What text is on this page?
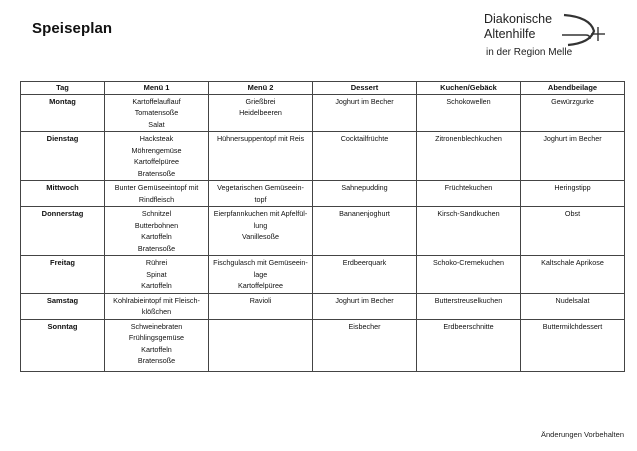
Speiseplan
Diakonische
Altenhilfe
in der Region Melle
Tag	Menü 1	Menü 2	Dessert	Kuchen/Gebäck	Abendbeilage
Montag	Kartoffelauflauf
Tomatensoße
Salat	Grießbrei
Heidelbeeren	Joghurt im Becher	Schokowellen	Gewürzgurke

Dienstag	Hacksteak
Möhrengemüse
Kartoffelpüree
Bratensoße	Hühnersuppentopf mit Reis	Cocktailfrüchte	Zitronenblechkuchen	Joghurt im Becher

Mittwoch	Bunter Gemüseeintopf mit
Rindfleisch	Vegetarischen Gemüseein-
topf	Sahnepudding	Früchtekuchen	Heringstipp

Donnerstag	Schnitzel
Butterbohnen
Kartoffeln
Bratensoße	Eierpfannkuchen mit Apfelfül-
lung
Vanillesoße	Bananenjoghurt	Kirsch-Sandkuchen	Obst

Freitag	Rührei
Spinat
Kartoffeln	Fischgulasch mit Gemüseein-
lage
Kartoffelpüree	Erdbeerquark	Schoko-Cremekuchen	Kaltschale Aprikose

Samstag	Kohlrabieintopf mit Fleisch-
klößchen	Ravioli	Joghurt im Becher	Butterstreuselkuchen	Nudelsalat

Sonntag	Schweinebraten
Frühlingsgemüse
Kartoffeln
Bratensoße		Eisbecher	Erdbeerschnitte	Buttermilchdessert
Änderungen Vorbehalten
